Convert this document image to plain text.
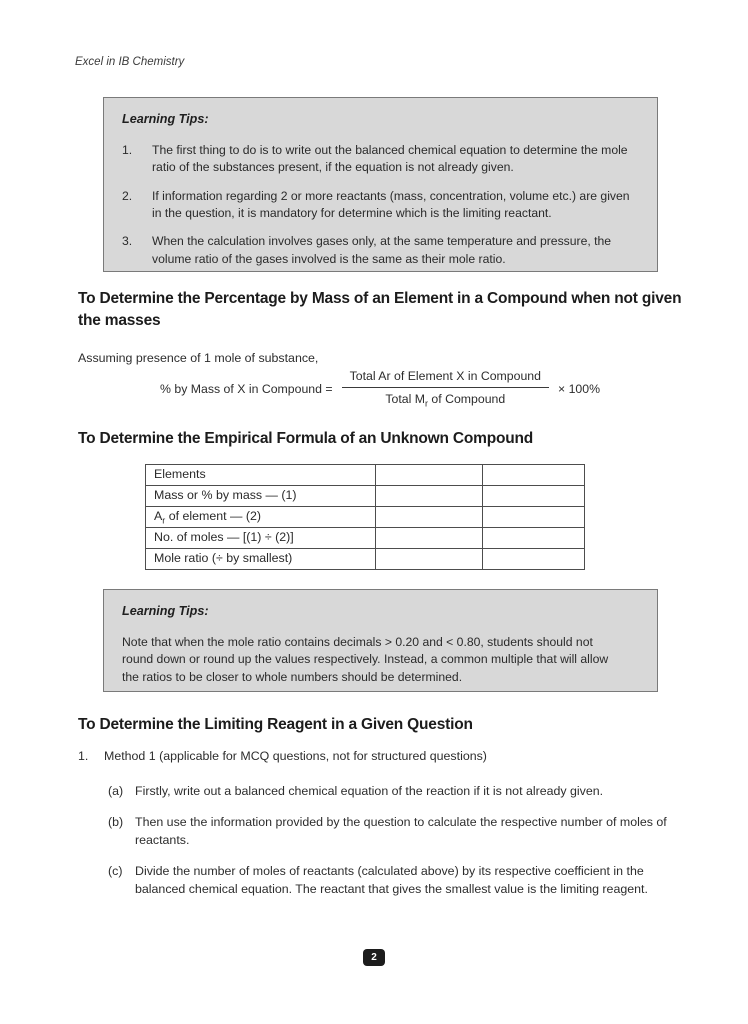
Excel in IB Chemistry
Learning Tips:
1.	The first thing to do is to write out the balanced chemical equation to determine the mole ratio of the substances present, if the equation is not already given.
2.	If information regarding 2 or more reactants (mass, concentration, volume etc.) are given in the question, it is mandatory for determine which is the limiting reactant.
3.	When the calculation involves gases only, at the same temperature and pressure, the volume ratio of the gases involved is the same as their mole ratio.
To Determine the Percentage by Mass of an Element in a Compound when not given the masses
Assuming presence of 1 mole of substance,
% by Mass of X in Compound = $\frac{\text{Total Ar of Element X in Compound}}{Total M_r of Compound} \times 100\%$
To Determine the Empirical Formula of an Unknown Compound
Elements		
Mass or % by mass — (1)		
$A_r$ of element — (2)		
No. of moles — [(1) ÷ (2)]		
Mole ratio (÷ by smallest)		
Learning Tips:
Note that when the mole ratio contains decimals > 0.20 and < 0.80, students should not round down or round up the values respectively. Instead, a common multiple that will allow the ratios to be closer to whole numbers should be determined.
To Determine the Limiting Reagent in a Given Question
1.	Method 1 (applicable for MCQ questions, not for structured questions)
(a) Firstly, write out a balanced chemical equation of the reaction if it is not already given.
(b) Then use the information provided by the question to calculate the respective number of moles of reactants.
(c)	Divide the number of moles of reactants (calculated above) by its respective coefficient in the balanced chemical equation. The reactant that gives the smallest value is the limiting reagent.
2
